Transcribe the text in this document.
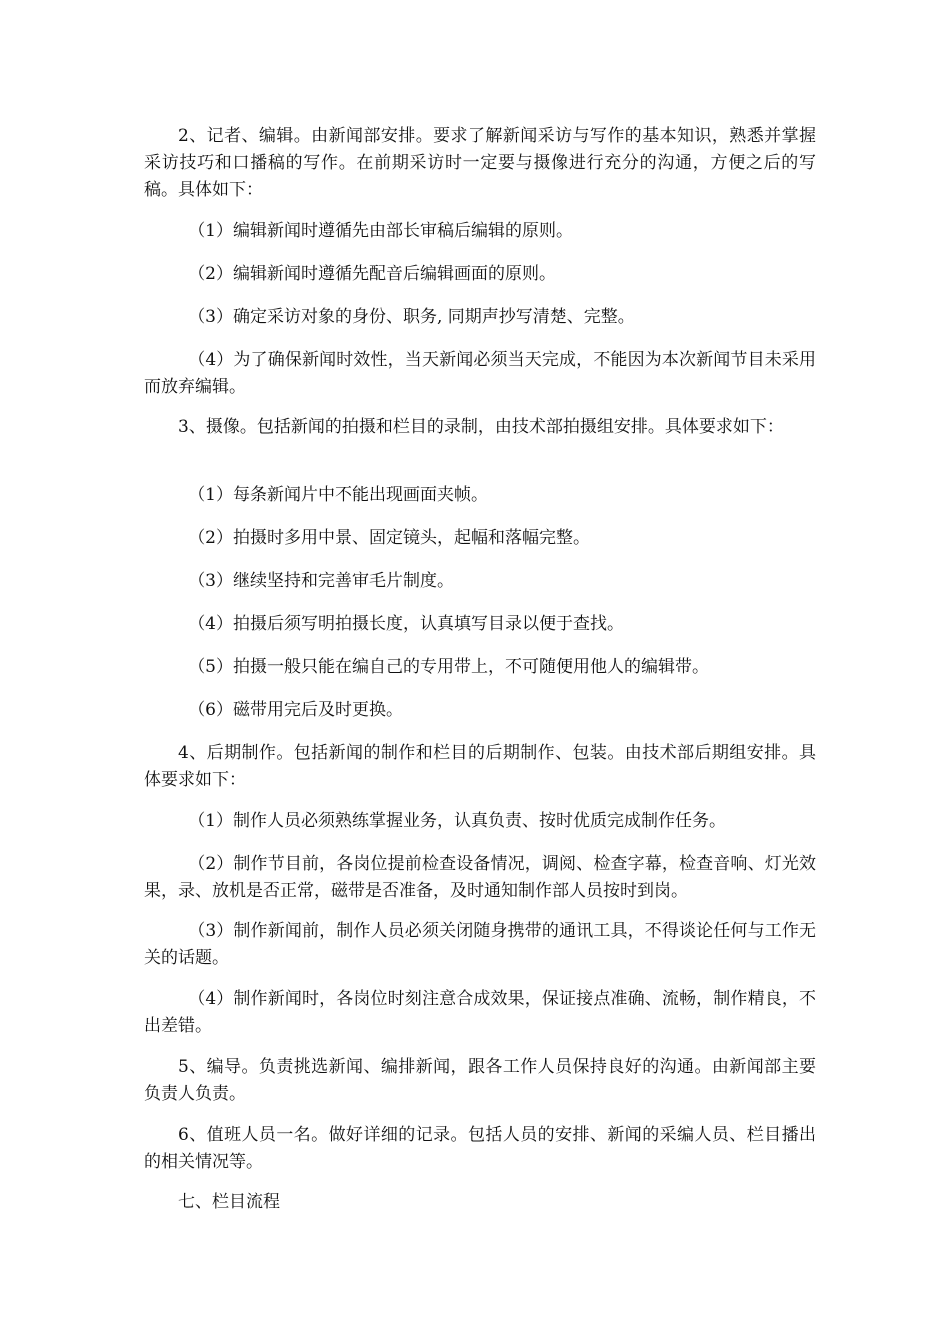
2、记者、编辑。由新闻部安排。要求了解新闻采访与写作的基本知识，熟悉并掌握采访技巧和口播稿的写作。在前期采访时一定要与摄像进行充分的沟通，方便之后的写稿。具体如下：

（1）编辑新闻时遵循先由部长审稿后编辑的原则。

（2）编辑新闻时遵循先配音后编辑画面的原则。

（3）确定采访对象的身份、职务, 同期声抄写清楚、完整。

（4）为了确保新闻时效性，当天新闻必须当天完成，不能因为本次新闻节目未采用而放弃编辑。

3、摄像。包括新闻的拍摄和栏目的录制，由技术部拍摄组安排。具体要求如下：

（1）每条新闻片中不能出现画面夹帧。

（2）拍摄时多用中景、固定镜头，起幅和落幅完整。

（3）继续坚持和完善审毛片制度。

（4）拍摄后须写明拍摄长度，认真填写目录以便于查找。

（5）拍摄一般只能在编自己的专用带上，不可随便用他人的编辑带。

（6）磁带用完后及时更换。

4、后期制作。包括新闻的制作和栏目的后期制作、包装。由技术部后期组安排。具体要求如下：

（1）制作人员必须熟练掌握业务，认真负责、按时优质完成制作任务。

（2）制作节目前，各岗位提前检查设备情况，调阅、检查字幕，检查音响、灯光效果，录、放机是否正常，磁带是否准备，及时通知制作部人员按时到岗。

（3）制作新闻前，制作人员必须关闭随身携带的通讯工具，不得谈论任何与工作无关的话题。

（4）制作新闻时，各岗位时刻注意合成效果，保证接点准确、流畅，制作精良，不出差错。

5、编导。负责挑选新闻、编排新闻，跟各工作人员保持良好的沟通。由新闻部主要负责人负责。

6、值班人员一名。做好详细的记录。包括人员的安排、新闻的采编人员、栏目播出的相关情况等。

七、栏目流程
